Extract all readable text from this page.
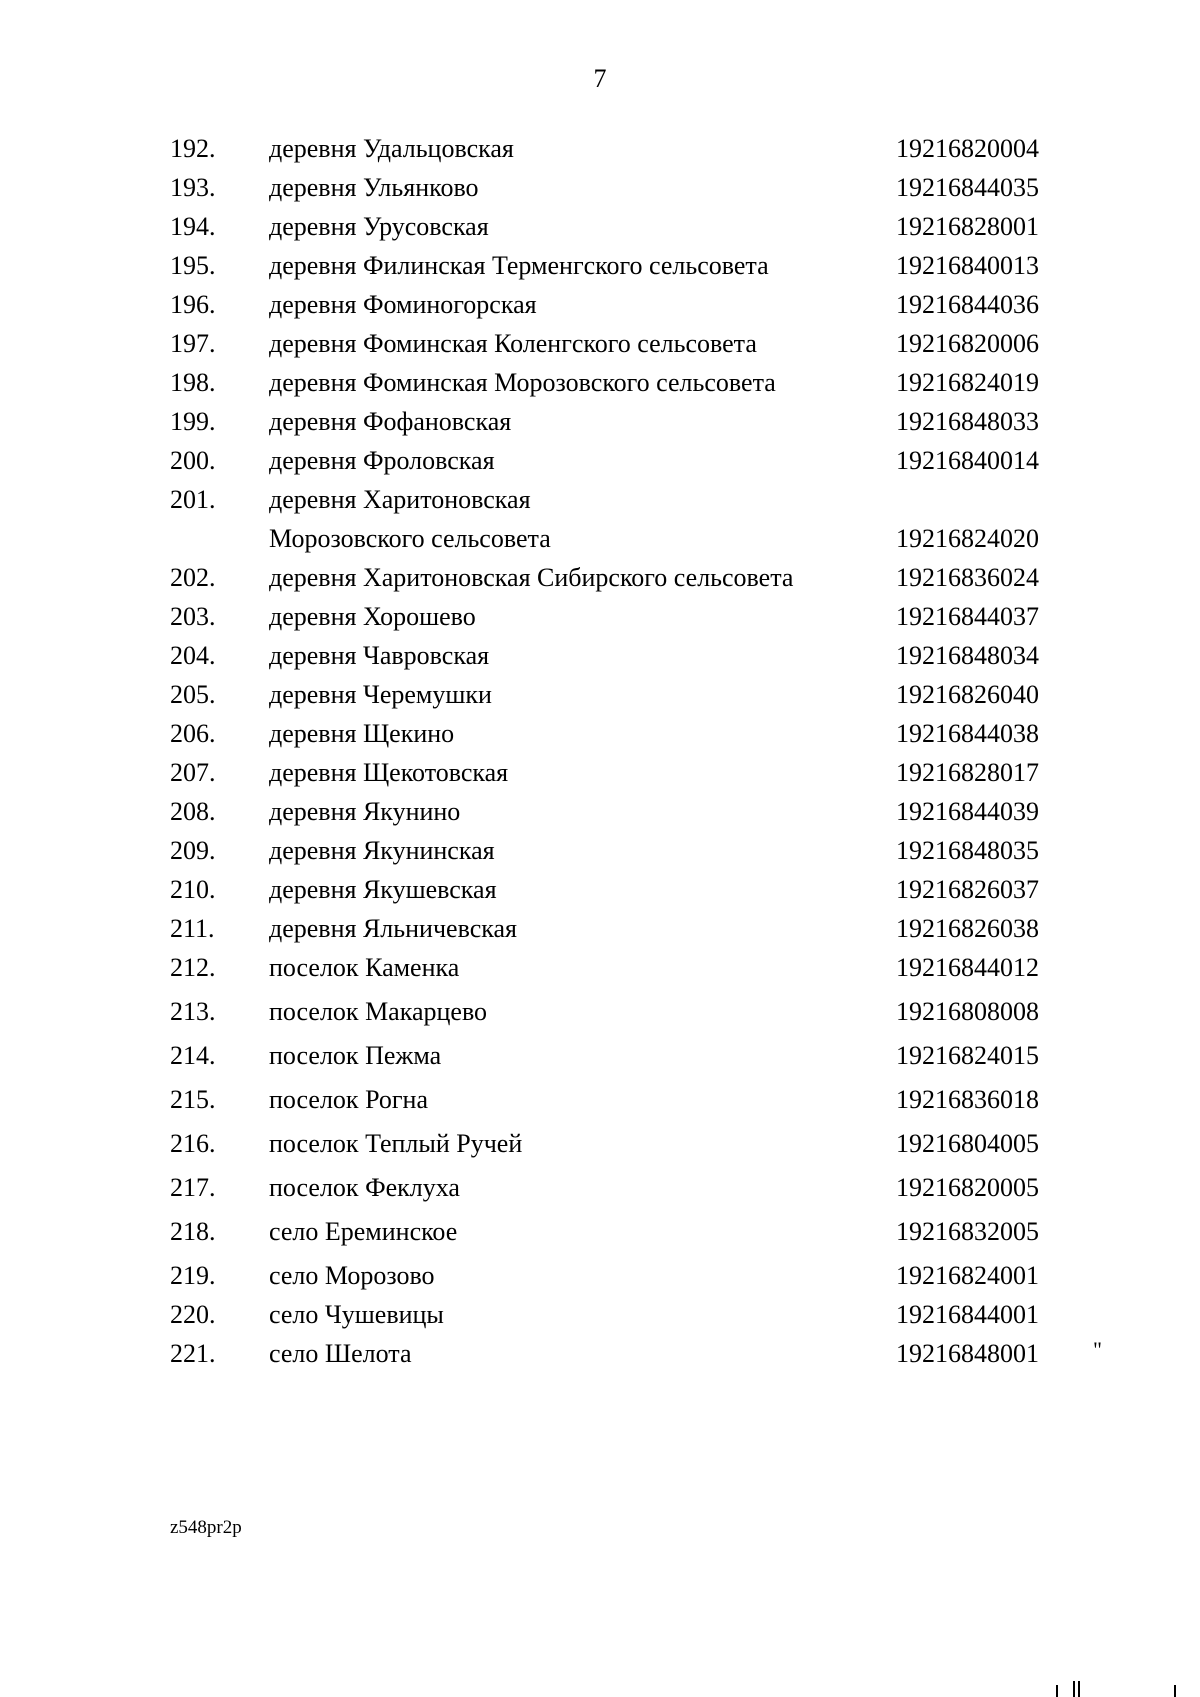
7
192. деревня Удальцовская	19216820004
193. деревня Ульянково	19216844035
194. деревня Урусовская	19216828001
195. деревня Филинская Терменгского сельсовета	19216840013
196. деревня Фоминогорская	19216844036
197. деревня Фоминская Коленгского сельсовета	19216820006
198. деревня Фоминская Морозовского сельсовета	19216824019
199. деревня Фофановская	19216848033
200. деревня Фроловская	19216840014
201. деревня Харитоновская
Морозовского сельсовета	19216824020
202. деревня Харитоновская Сибирского сельсовета	19216836024
203. деревня Хорошево	19216844037
204. деревня Чавровская	19216848034
205. деревня Черемушки	19216826040
206. деревня Щекино	19216844038
207. деревня Щекотовская	19216828017
208. деревня Якунино	19216844039
209. деревня Якунинская	19216848035
210. деревня Якушевская	19216826037
211. деревня Яльничевская	19216826038
212. поселок Каменка	19216844012
213. поселок Макарцево	19216808008
214. поселок Пежма	19216824015
215. поселок Рогна	19216836018
216. поселок Теплый Ручей	19216804005
217. поселок Феклуха	19216820005
218. село Ереминское	19216832005
219. село Морозово	19216824001
220. село Чушевицы	19216844001
221. село Шелота	19216848001 "
z548pr2p
